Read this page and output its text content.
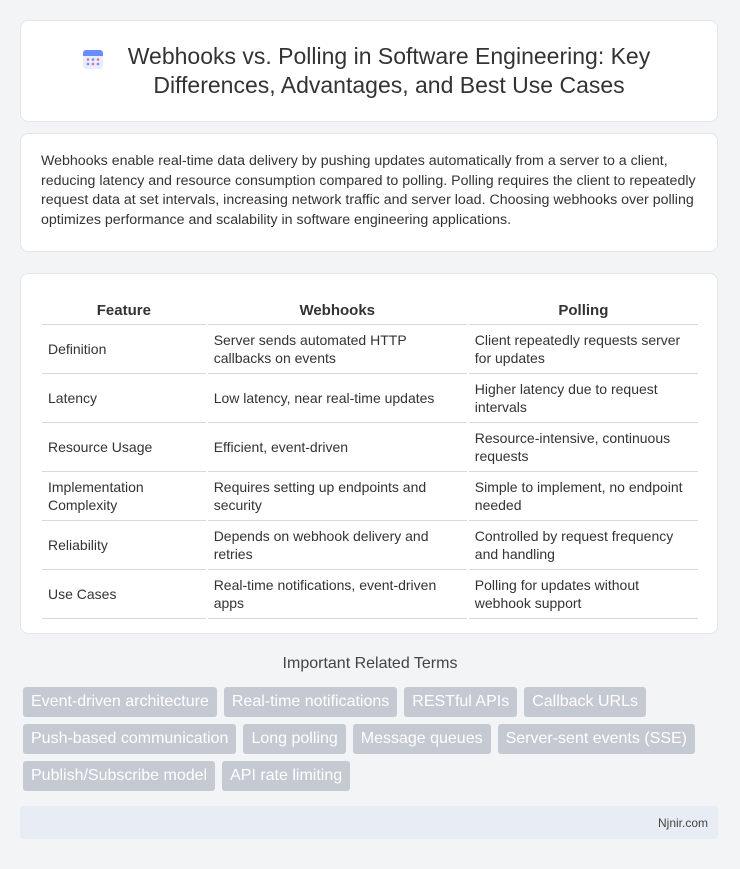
Webhooks vs. Polling in Software Engineering: Key Differences, Advantages, and Best Use Cases

Webhooks enable real-time data delivery by pushing updates automatically from a server to a client, reducing latency and resource consumption compared to polling. Polling requires the client to repeatedly request data at set intervals, increasing network traffic and server load. Choosing webhooks over polling optimizes performance and scalability in software engineering applications.

Feature	Webhooks	Polling
Definition	Server sends automated HTTP callbacks on events	Client repeatedly requests server for updates
Latency	Low latency, near real-time updates	Higher latency due to request intervals
Resource Usage	Efficient, event-driven	Resource-intensive, continuous requests
Implementation Complexity	Requires setting up endpoints and security	Simple to implement, no endpoint needed
Reliability	Depends on webhook delivery and retries	Controlled by request frequency and handling
Use Cases	Real-time notifications, event-driven apps	Polling for updates without webhook support
Important Related Terms
Event-driven architecture	Real-time notifications	RESTful APIs	Callback URLs
Push-based communication	Long polling	Message queues	Server-sent events (SSE)
Publish/Subscribe model	API rate limiting
Njnir.com
